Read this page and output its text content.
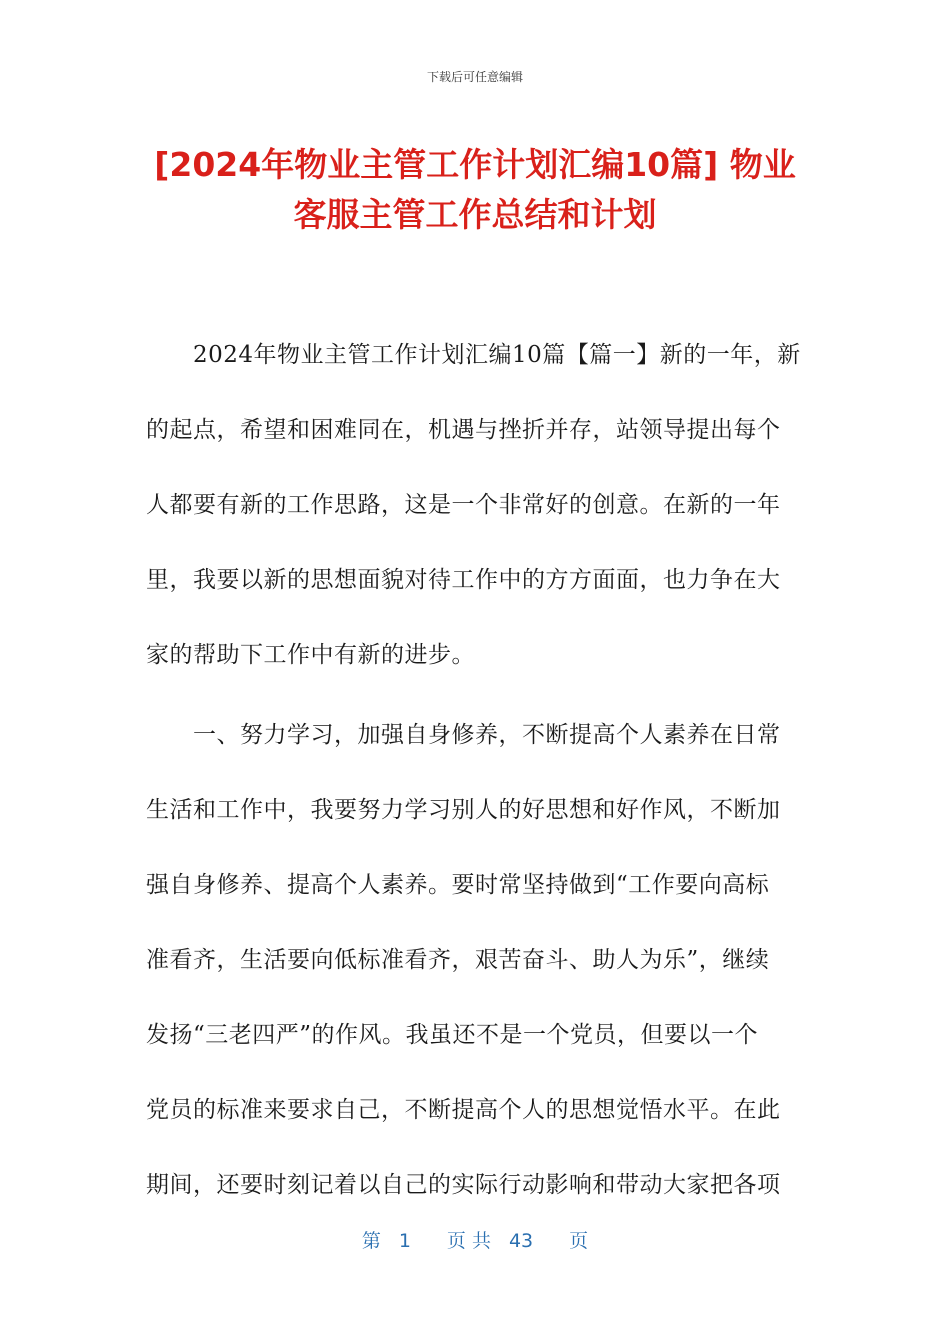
下载后可任意编辑
[2024年物业主管工作计划汇编10篇] 物业
客服主管工作总结和计划

　　2024年物业主管工作计划汇编10篇【篇一】新的一年，新
的起点，希望和困难同在，机遇与挫折并存，站领导提出每个
人都要有新的工作思路，这是一个非常好的创意。在新的一年
里，我要以新的思想面貌对待工作中的方方面面，也力争在大
家的帮助下工作中有新的进步。

　　一、努力学习，加强自身修养，不断提高个人素养在日常
生活和工作中，我要努力学习别人的好思想和好作风，不断加
强自身修养、提高个人素养。要时常坚持做到“工作要向高标
准看齐，生活要向低标准看齐，艰苦奋斗、助人为乐”，继续
发扬“三老四严”的作风。我虽还不是一个党员，但要以一个
党员的标准来要求自己，不断提高个人的思想觉悟水平。在此
期间，还要时刻记着以自己的实际行动影响和带动大家把各项

第 1 页 共 43 页
